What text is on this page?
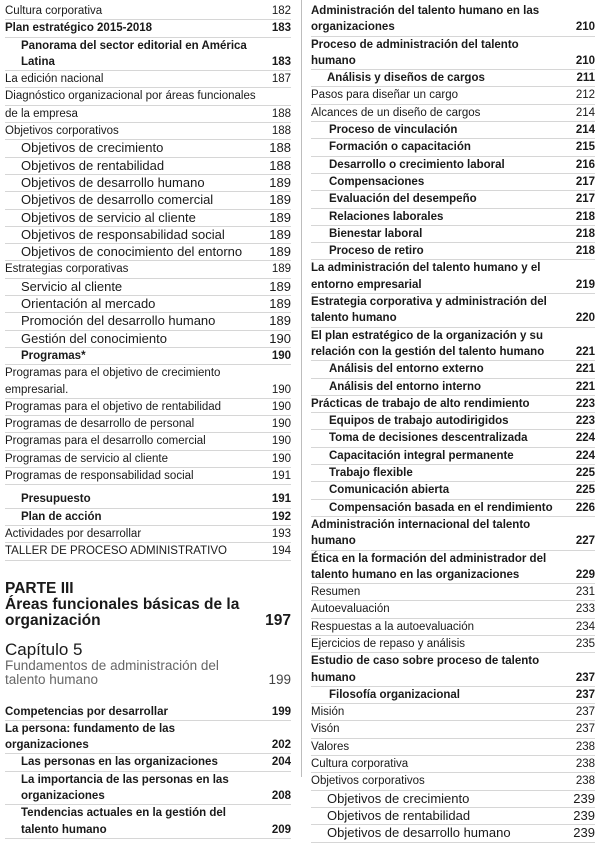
Cultura corporativa	182
Plan estratégico 2015-2018	183
Panorama del sector editorial en América Latina	183
La edición nacional	187
Diagnóstico organizacional por áreas funcionales
de la empresa	188
Objetivos corporativos	188
Objetivos de crecimiento	188
Objetivos de rentabilidad	188
Objetivos de desarrollo humano	189
Objetivos de desarrollo comercial	189
Objetivos de servicio al cliente	189
Objetivos de responsabilidad social	189
Objetivos de conocimiento del entorno	189
Estrategias corporativas	189
Servicio al cliente	189
Orientación al mercado	189
Promoción del desarrollo humano	189
Gestión del conocimiento	190
Programas*	190
Programas para el objetivo de crecimiento empresarial.	190
Programas para el objetivo de rentabilidad	190
Programas de desarrollo de personal	190
Programas para el desarrollo comercial	190
Programas de servicio al cliente	190
Programas de responsabilidad social	191
Presupuesto	191
Plan de acción	192
Actividades por desarrollar	193
TALLER DE PROCESO ADMINISTRATIVO	194
PARTE III
Áreas funcionales básicas de la organización	197
Capítulo 5
Fundamentos de administración del talento humano	199
Competencias por desarrollar	199
La persona: fundamento de las organizaciones	202
Las personas en las organizaciones	204
La importancia de las personas en las organizaciones	208
Tendencias actuales en la gestión del talento humano	209
Administración del talento humano en las organizaciones	210
Proceso de administración del talento humano	210
Análisis y diseños de cargos	211
Pasos para diseñar un cargo	212
Alcances de un diseño de cargos	214
Proceso de vinculación	214
Formación o capacitación	215
Desarrollo o crecimiento laboral	216
Compensaciones	217
Evaluación del desempeño	217
Relaciones laborales	218
Bienestar laboral	218
Proceso de retiro	218
La administración del talento humano y el entorno empresarial	219
Estrategia corporativa y administración del talento humano	220
El plan estratégico de la organización y su relación con la gestión del talento humano	221
Análisis del entorno externo	221
Análisis del entorno interno	221
Prácticas de trabajo de alto rendimiento	223
Equipos de trabajo autodirigidos	223
Toma de decisiones descentralizada	224
Capacitación integral permanente	224
Trabajo flexible	225
Comunicación abierta	225
Compensación basada en el rendimiento	226
Administración internacional del talento humano	227
Ética en la formación del administrador del talento humano en las organizaciones	229
Resumen	231
Autoevaluación	233
Respuestas a la autoevaluación	234
Ejercicios de repaso y análisis	235
Estudio de caso sobre proceso de talento humano	237
Filosofía organizacional	237
Misión	237
Visón	237
Valores	238
Cultura corporativa	238
Objetivos corporativos	238
Objetivos de crecimiento	239
Objetivos de rentabilidad	239
Objetivos de desarrollo humano	239
